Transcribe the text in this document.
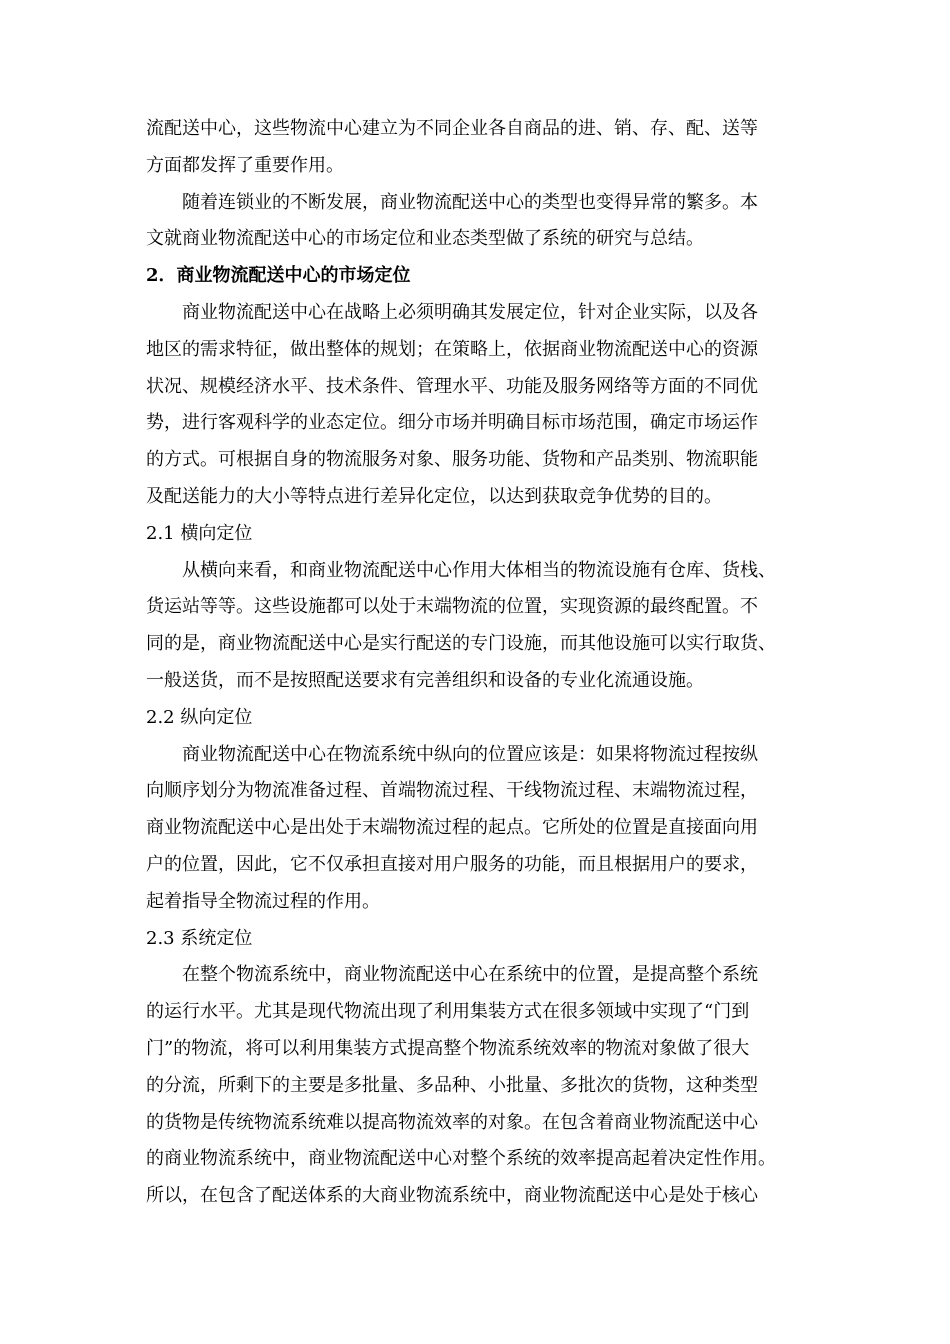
流配送中心，这些物流中心建立为不同企业各自商品的进、销、存、配、送等
方面都发挥了重要作用。
随着连锁业的不断发展，商业物流配送中心的类型也变得异常的繁多。本
文就商业物流配送中心的市场定位和业态类型做了系统的研究与总结。
2．商业物流配送中心的市场定位
商业物流配送中心在战略上必须明确其发展定位，针对企业实际，以及各
地区的需求特征，做出整体的规划；在策略上，依据商业物流配送中心的资源
状况、规模经济水平、技术条件、管理水平、功能及服务网络等方面的不同优
势，进行客观科学的业态定位。细分市场并明确目标市场范围，确定市场运作
的方式。可根据自身的物流服务对象、服务功能、货物和产品类别、物流职能
及配送能力的大小等特点进行差异化定位，以达到获取竞争优势的目的。
2.1 横向定位
从横向来看，和商业物流配送中心作用大体相当的物流设施有仓库、货栈、
货运站等等。这些设施都可以处于末端物流的位置，实现资源的最终配置。不
同的是，商业物流配送中心是实行配送的专门设施，而其他设施可以实行取货、
一般送货，而不是按照配送要求有完善组织和设备的专业化流通设施。
2.2 纵向定位
商业物流配送中心在物流系统中纵向的位置应该是：如果将物流过程按纵
向顺序划分为物流准备过程、首端物流过程、干线物流过程、末端物流过程，
商业物流配送中心是出处于末端物流过程的起点。它所处的位置是直接面向用
户的位置，因此，它不仅承担直接对用户服务的功能，而且根据用户的要求，
起着指导全物流过程的作用。
2.3 系统定位
在整个物流系统中，商业物流配送中心在系统中的位置，是提高整个系统
的运行水平。尤其是现代物流出现了利用集装方式在很多领域中实现了“门到
门”的物流，将可以利用集装方式提高整个物流系统效率的物流对象做了很大
的分流，所剩下的主要是多批量、多品种、小批量、多批次的货物，这种类型
的货物是传统物流系统难以提高物流效率的对象。在包含着商业物流配送中心
的商业物流系统中，商业物流配送中心对整个系统的效率提高起着决定性作用。
所以，在包含了配送体系的大商业物流系统中，商业物流配送中心是处于核心
